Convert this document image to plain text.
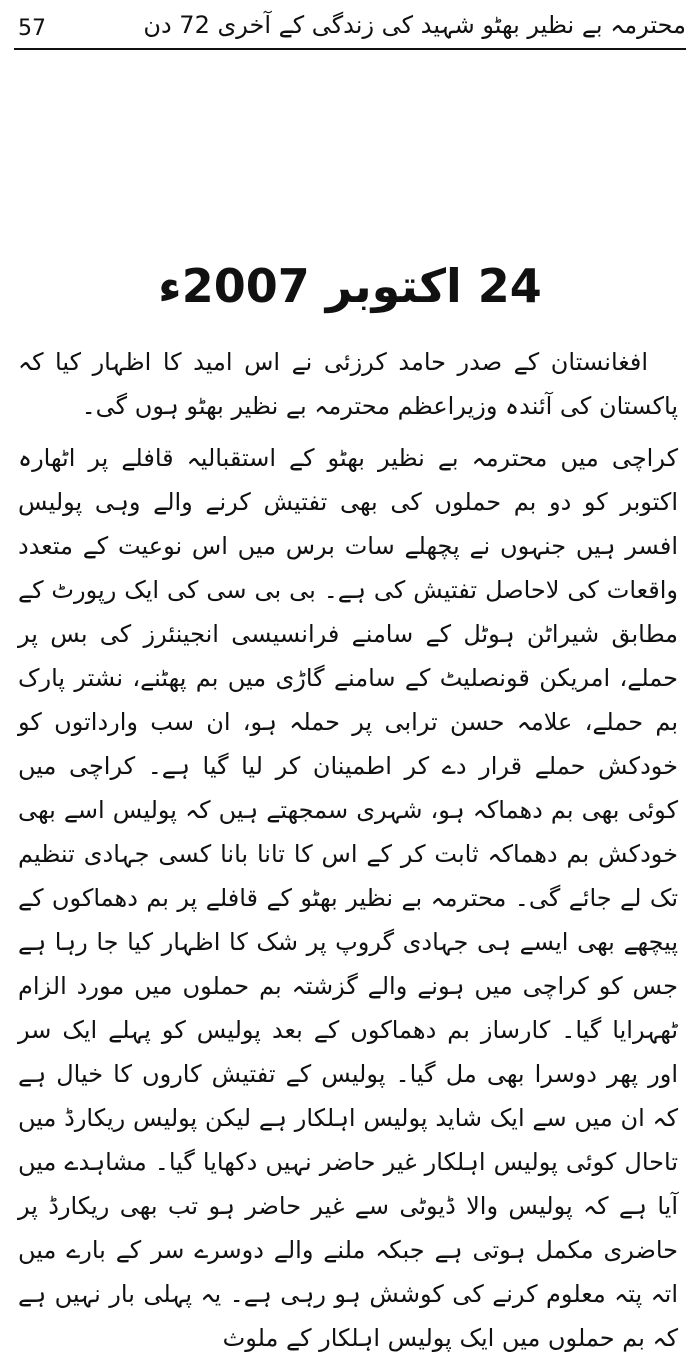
57	محترمہ بے نظیر بھٹو شہید کی زندگی کے آخری 72 دن
24 اکتوبر 2007ء

افغانستان کے صدر حامد کرزئی نے اس امید کا اظہار کیا کہ پاکستان کی آئندہ وزیراعظم محترمہ بے نظیر بھٹو ہوں گی۔

کراچی میں محترمہ بے نظیر بھٹو کے استقبالیہ قافلے پر اٹھارہ اکتوبر کو دو بم حملوں کی بھی تفتیش کرنے والے وہی پولیس افسر ہیں جنہوں نے پچھلے سات برس میں اس نوعیت کے متعدد واقعات کی لاحاصل تفتیش کی ہے۔ بی بی سی کی ایک رپورٹ کے مطابق شیراٹن ہوٹل کے سامنے فرانسیسی انجینئرز کی بس پر حملے، امریکن قونصلیٹ کے سامنے گاڑی میں بم پھٹنے، نشتر پارک بم حملے، علامہ حسن ترابی پر حملہ ہو، ان سب وارداتوں کو خودکش حملے قرار دے کر اطمینان کر لیا گیا ہے۔ کراچی میں کوئی بھی بم دھماکہ ہو، شہری سمجھتے ہیں کہ پولیس اسے بھی خودکش بم دھماکہ ثابت کر کے اس کا تانا بانا کسی جہادی تنظیم تک لے جائے گی۔ محترمہ بے نظیر بھٹو کے قافلے پر بم دھماکوں کے پیچھے بھی ایسے ہی جہادی گروپ پر شک کا اظہار کیا جا رہا ہے جس کو کراچی میں ہونے والے گزشتہ بم حملوں میں مورد الزام ٹھہرایا گیا۔ کارساز بم دھماکوں کے بعد پولیس کو پہلے ایک سر اور پھر دوسرا بھی مل گیا۔ پولیس کے تفتیش کاروں کا خیال ہے کہ ان میں سے ایک شاید پولیس اہلکار ہے لیکن پولیس ریکارڈ میں تاحال کوئی پولیس اہلکار غیر حاضر نہیں دکھایا گیا۔ مشاہدے میں آیا ہے کہ پولیس والا ڈیوٹی سے غیر حاضر ہو تب بھی ریکارڈ پر حاضری مکمل ہوتی ہے جبکہ ملنے والے دوسرے سر کے بارے میں اتہ پتہ معلوم کرنے کی کوشش ہو رہی ہے۔ یہ پہلی بار نہیں ہے کہ بم حملوں میں ایک پولیس اہلکار کے ملوث
